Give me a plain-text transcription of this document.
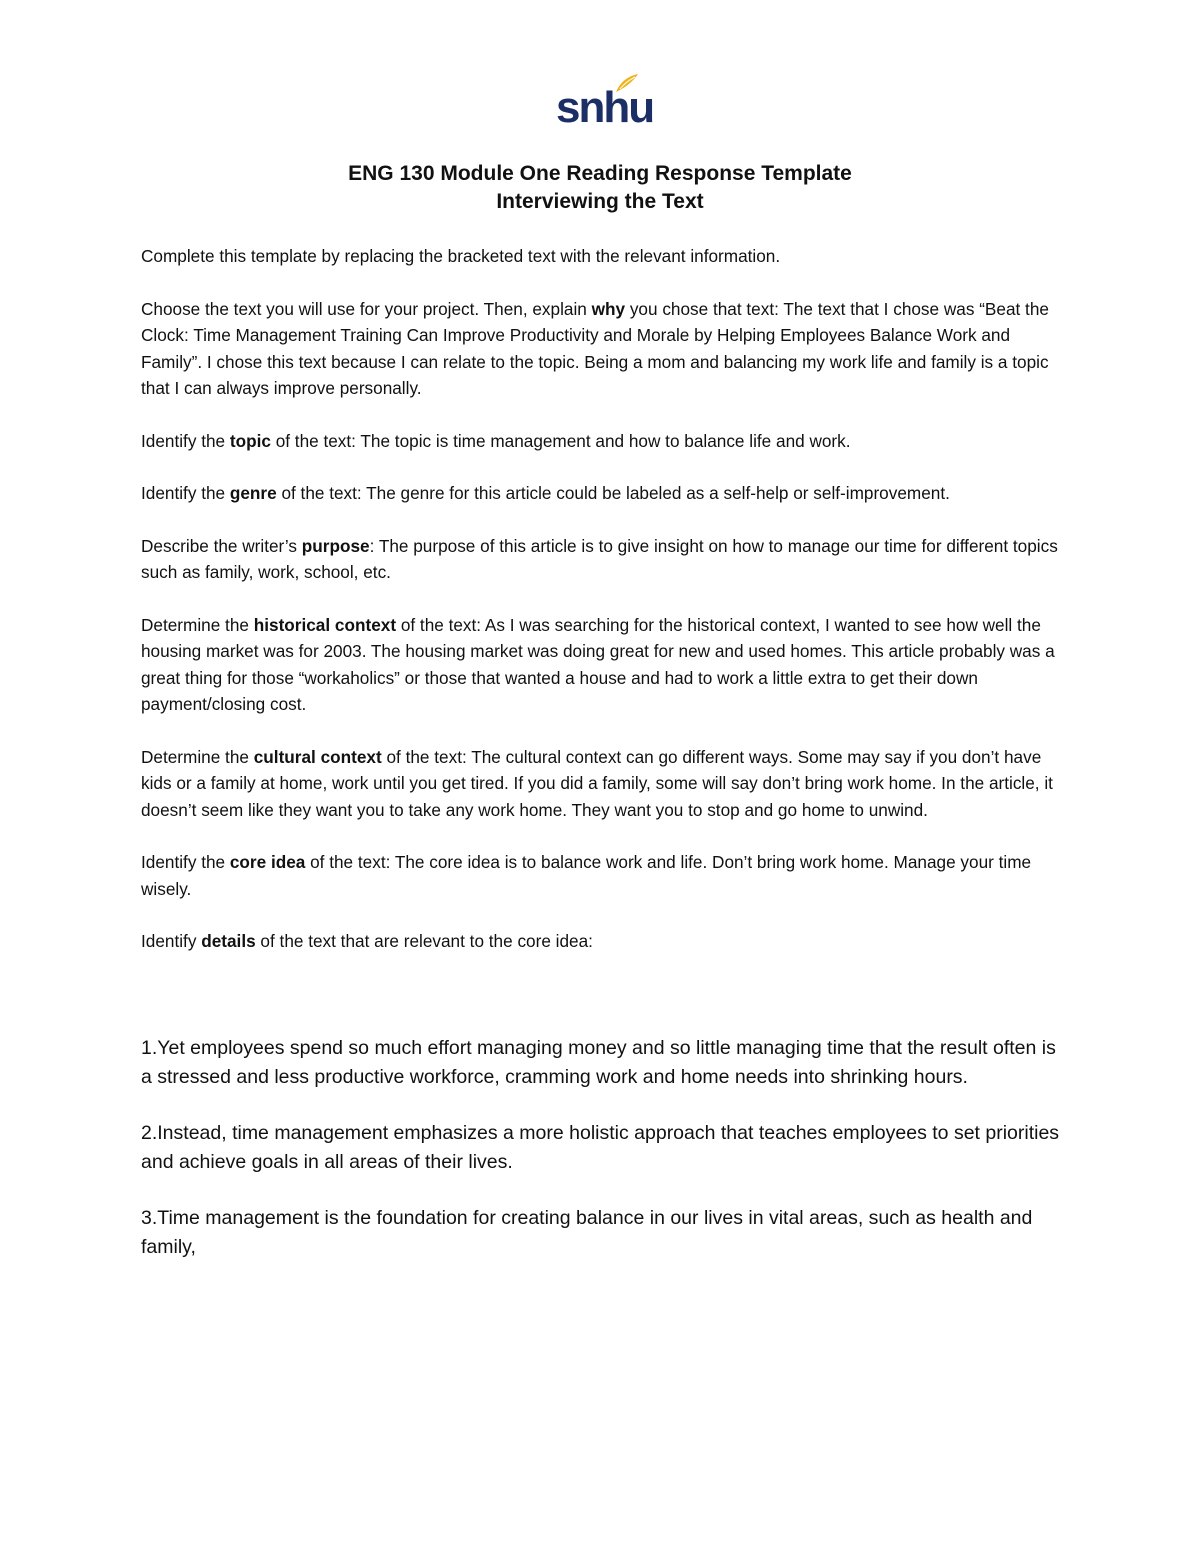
snhu
ENG 130 Module One Reading Response Template
Interviewing the Text

Complete this template by replacing the bracketed text with the relevant information.

Choose the text you will use for your project. Then, explain why you chose that text: The text that I chose was “Beat the Clock: Time Management Training Can Improve Productivity and Morale by Helping Employees Balance Work and Family”. I chose this text because I can relate to the topic. Being a mom and balancing my work life and family is a topic that I can always improve personally.

Identify the topic of the text: The topic is time management and how to balance life and work.

Identify the genre of the text: The genre for this article could be labeled as a self-help or self-improvement.

Describe the writer’s purpose: The purpose of this article is to give insight on how to manage our time for different topics such as family, work, school, etc.

Determine the historical context of the text: As I was searching for the historical context, I wanted to see how well the housing market was for 2003. The housing market was doing great for new and used homes. This article probably was a great thing for those “workaholics” or those that wanted a house and had to work a little extra to get their down payment/closing cost.

Determine the cultural context of the text: The cultural context can go different ways. Some may say if you don’t have kids or a family at home, work until you get tired. If you did a family, some will say don’t bring work home. In the article, it doesn’t seem like they want you to take any work home. They want you to stop and go home to unwind.

Identify the core idea of the text: The core idea is to balance work and life. Don’t bring work home. Manage your time wisely.

Identify details of the text that are relevant to the core idea:

1.Yet employees spend so much effort managing money and so little managing time that the result often is a stressed and less productive workforce, cramming work and home needs into shrinking hours.

2.Instead, time management emphasizes a more holistic approach that teaches employees to set priorities and achieve goals in all areas of their lives.

3.Time management is the foundation for creating balance in our lives in vital areas, such as health and family,
